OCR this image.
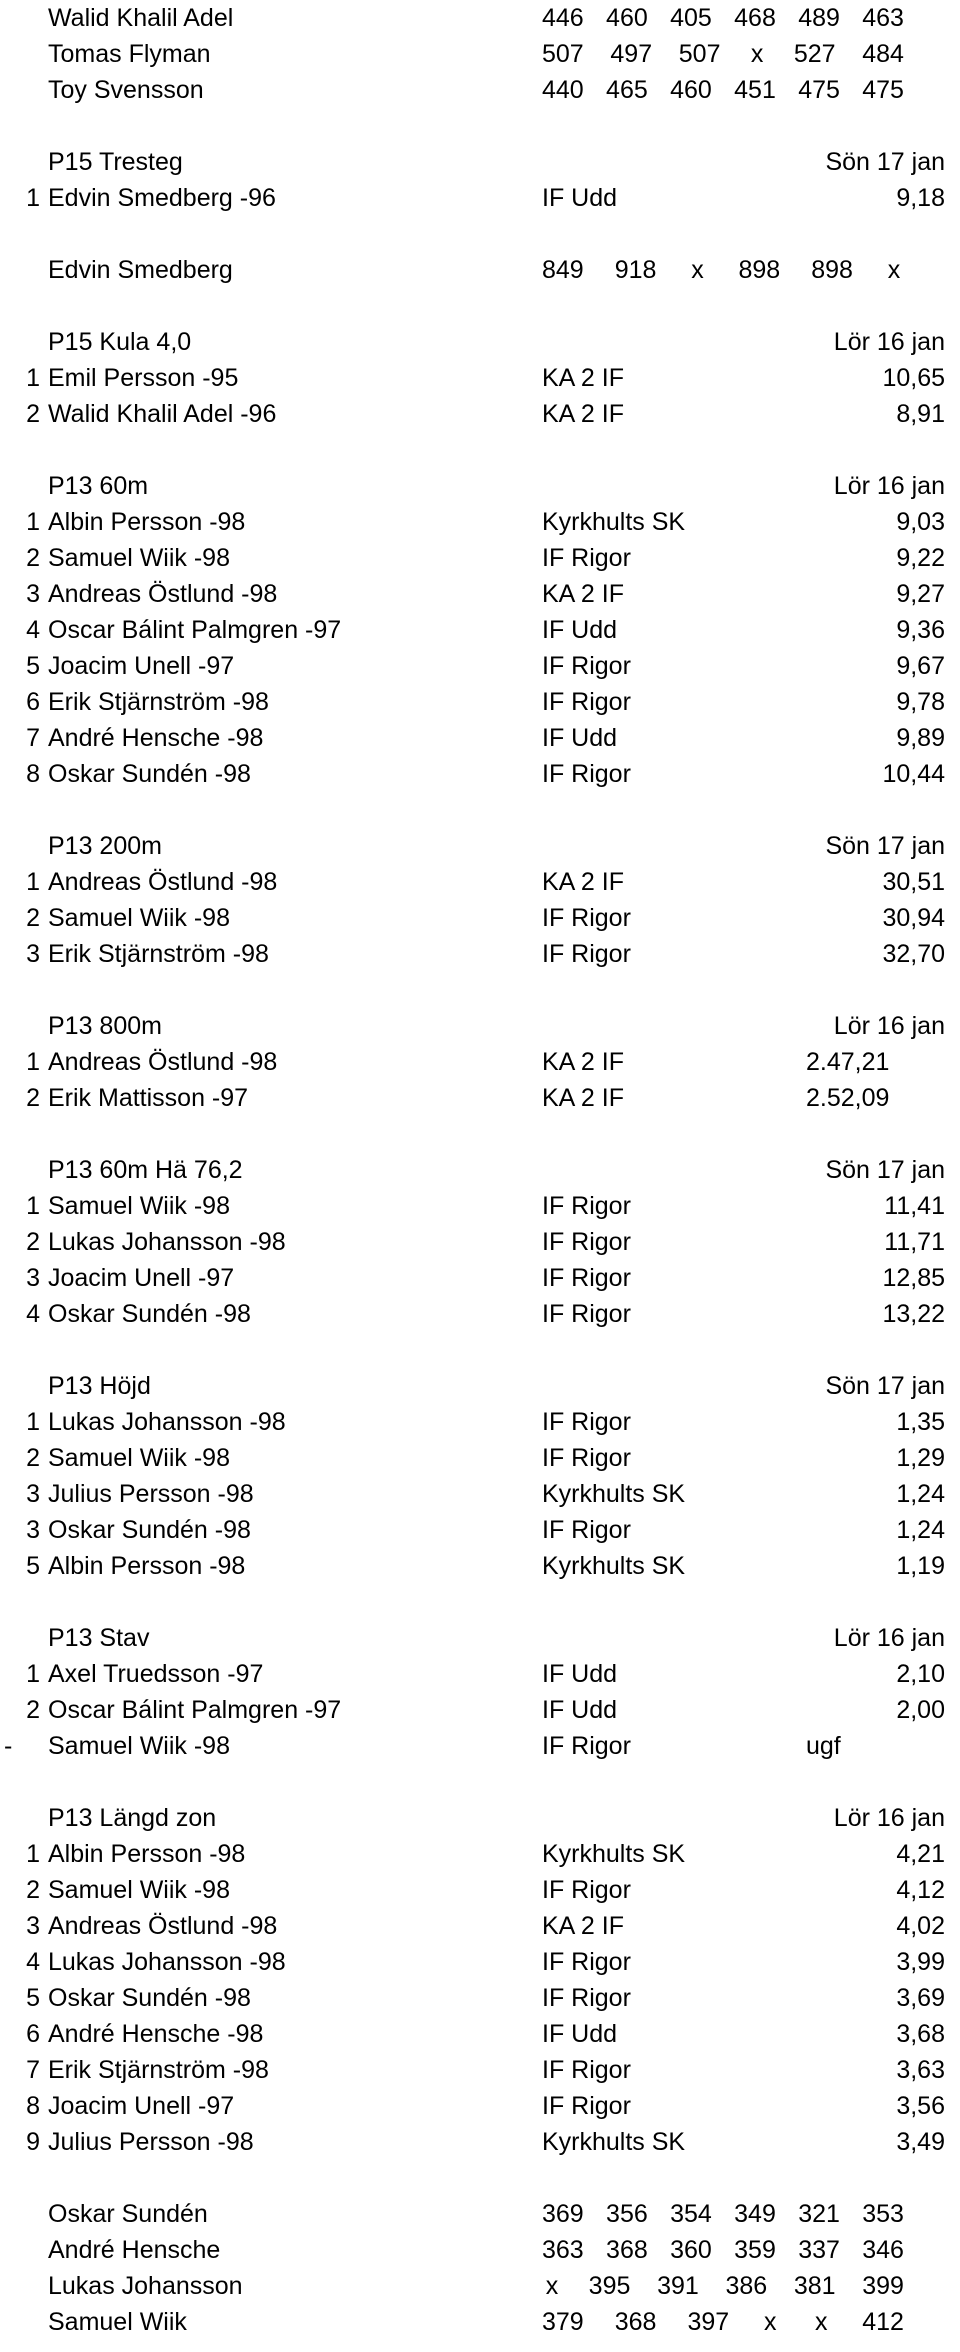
Walid Khalil Adel	446 460 405 468 489 463
Tomas Flyman	507 497 507 x 527 484
Toy Svensson	440 465 460 451 475 475
P15 Tresteg	Sön 17 jan
1 Edvin Smedberg -96	IF Udd	9,18
Edvin Smedberg	849 918 x 898 898 x
P15 Kula 4,0	Lör 16 jan
1 Emil Persson -95	KA 2 IF	10,65
2 Walid Khalil Adel -96	KA 2 IF	8,91
P13 60m	Lör 16 jan
1 Albin Persson -98	Kyrkhults SK	9,03
2 Samuel Wiik -98	IF Rigor	9,22
3 Andreas Östlund -98	KA 2 IF	9,27
4 Oscar Bálint Palmgren -97	IF Udd	9,36
5 Joacim Unell -97	IF Rigor	9,67
6 Erik Stjärnström -98	IF Rigor	9,78
7 André Hensche -98	IF Udd	9,89
8 Oskar Sundén -98	IF Rigor	10,44
P13 200m	Sön 17 jan
1 Andreas Östlund -98	KA 2 IF	30,51
2 Samuel Wiik -98	IF Rigor	30,94
3 Erik Stjärnström -98	IF Rigor	32,70
P13 800m	Lör 16 jan
1 Andreas Östlund -98	KA 2 IF	2.47,21
2 Erik Mattisson -97	KA 2 IF	2.52,09
P13 60m Hä 76,2	Sön 17 jan
1 Samuel Wiik -98	IF Rigor	11,41
2 Lukas Johansson -98	IF Rigor	11,71
3 Joacim Unell -97	IF Rigor	12,85
4 Oskar Sundén -98	IF Rigor	13,22
P13 Höjd	Sön 17 jan
1 Lukas Johansson -98	IF Rigor	1,35
2 Samuel Wiik -98	IF Rigor	1,29
3 Julius Persson -98	Kyrkhults SK	1,24
3 Oskar Sundén -98	IF Rigor	1,24
5 Albin Persson -98	Kyrkhults SK	1,19
P13 Stav	Lör 16 jan
1 Axel Truedsson -97	IF Udd	2,10
2 Oscar Bálint Palmgren -97	IF Udd	2,00
- Samuel Wiik -98	IF Rigor	ugf
P13 Längd zon	Lör 16 jan
1 Albin Persson -98	Kyrkhults SK	4,21
2 Samuel Wiik -98	IF Rigor	4,12
3 Andreas Östlund -98	KA 2 IF	4,02
4 Lukas Johansson -98	IF Rigor	3,99
5 Oskar Sundén -98	IF Rigor	3,69
6 André Hensche -98	IF Udd	3,68
7 Erik Stjärnström -98	IF Rigor	3,63
8 Joacim Unell -97	IF Rigor	3,56
9 Julius Persson -98	Kyrkhults SK	3,49
Oskar Sundén	369 356 354 349 321 353
André Hensche	363 368 360 359 337 346
Lukas Johansson	x 395 391 386 381 399
Samuel Wiik	379 368 397 x x 412
